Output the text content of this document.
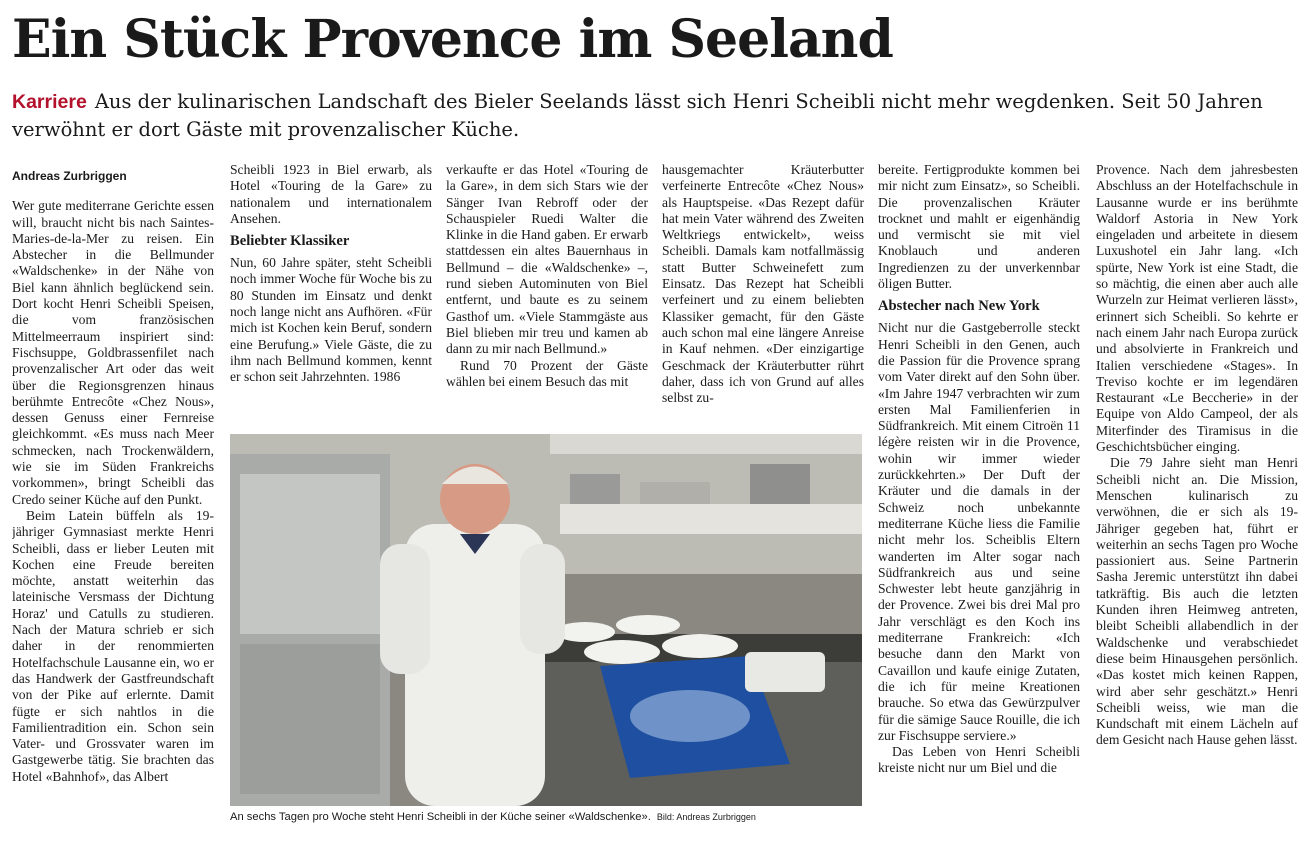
Ein Stück Provence im Seeland

Karriere Aus der kulinarischen Landschaft des Bieler Seelands lässt sich Henri Scheibli nicht mehr wegdenken. Seit 50 Jahren verwöhnt er dort Gäste mit provenzalischer Küche.

Andreas Zurbriggen

Wer gute mediterrane Gerichte essen will, braucht nicht bis nach Saintes-Maries-de-la-Mer zu reisen. Ein Abstecher in die Bellmunder «Waldschenke» in der Nähe von Biel kann ähnlich beglückend sein. Dort kocht Henri Scheibli Speisen, die vom französischen Mittelmeerraum inspiriert sind: Fischsuppe, Goldbrassenfilet nach provenzalischer Art oder das weit über die Regionsgrenzen hinaus berühmte Entrecôte «Chez Nous», dessen Genuss einer Fernreise gleichkommt. «Es muss nach Meer schmecken, nach Trockenwäldern, wie sie im Süden Frankreichs vorkommen», bringt Scheibli das Credo seiner Küche auf den Punkt.

Beim Latein büffeln als 19-jähriger Gymnasiast merkte Henri Scheibli, dass er lieber Leuten mit Kochen eine Freude bereiten möchte, anstatt weiterhin das lateinische Versmass der Dichtung Horaz' und Catulls zu studieren. Nach der Matura schrieb er sich daher in der renommierten Hotelfachschule Lausanne ein, wo er das Handwerk der Gastfreundschaft von der Pike auf erlernte. Damit fügte er sich nahtlos in die Familientradition ein. Schon sein Vater- und Grossvater waren im Gastgewerbe tätig. Sie brachten das Hotel «Bahnhof», das Albert

Scheibli 1923 in Biel erwarb, als Hotel «Touring de la Gare» zu nationalem und internationalem Ansehen.

Beliebter Klassiker

Nun, 60 Jahre später, steht Scheibli noch immer Woche für Woche bis zu 80 Stunden im Einsatz und denkt noch lange nicht ans Aufhören. «Für mich ist Kochen kein Beruf, sondern eine Berufung.» Viele Gäste, die zu ihm nach Bellmund kommen, kennt er schon seit Jahrzehnten. 1986

verkaufte er das Hotel «Touring de la Gare», in dem sich Stars wie der Sänger Ivan Rebroff oder der Schauspieler Ruedi Walter die Klinke in die Hand gaben. Er erwarb stattdessen ein altes Bauernhaus in Bellmund – die «Waldschenke» –, rund sieben Autominuten von Biel entfernt, und baute es zu seinem Gasthof um. «Viele Stammgäste aus Biel blieben mir treu und kamen ab dann zu mir nach Bellmund.»

Rund 70 Prozent der Gäste wählen bei einem Besuch das mit

hausgemachter Kräuterbutter verfeinerte Entrecôte «Chez Nous» als Hauptspeise. «Das Rezept dafür hat mein Vater während des Zweiten Weltkriegs entwickelt», weiss Scheibli. Damals kam notfallmässig statt Butter Schweinefett zum Einsatz. Das Rezept hat Scheibli verfeinert und zu einem beliebten Klassiker gemacht, für den Gäste auch schon mal eine längere Anreise in Kauf nehmen. «Der einzigartige Geschmack der Kräuterbutter rührt daher, dass ich von Grund auf alles selbst zu-

bereite. Fertigprodukte kommen bei mir nicht zum Einsatz», so Scheibli. Die provenzalischen Kräuter trocknet und mahlt er eigenhändig und vermischt sie mit viel Knoblauch und anderen Ingredienzen zu der unverkennbar öligen Butter.

Abstecher nach New York

Nicht nur die Gastgeberrolle steckt Henri Scheibli in den Genen, auch die Passion für die Provence sprang vom Vater direkt auf den Sohn über. «Im Jahre 1947 verbrachten wir zum ersten Mal Familienferien in Südfrankreich. Mit einem Citroën 11 légère reisten wir in die Provence, wohin wir immer wieder zurückkehrten.» Der Duft der Kräuter und die damals in der Schweiz noch unbekannte mediterrane Küche liess die Familie nicht mehr los. Scheiblis Eltern wanderten im Alter sogar nach Südfrankreich aus und seine Schwester lebt heute ganzjährig in der Provence. Zwei bis drei Mal pro Jahr verschlägt es den Koch ins mediterrane Frankreich: «Ich besuche dann den Markt von Cavaillon und kaufe einige Zutaten, die ich für meine Kreationen brauche. So etwa das Gewürzpulver für die sämige Sauce Rouille, die ich zur Fischsuppe serviere.»

Das Leben von Henri Scheibli kreiste nicht nur um Biel und die

Provence. Nach dem jahresbesten Abschluss an der Hotelfachschule in Lausanne wurde er ins berühmte Waldorf Astoria in New York eingeladen und arbeitete in diesem Luxushotel ein Jahr lang. «Ich spürte, New York ist eine Stadt, die so mächtig, die einen aber auch alle Wurzeln zur Heimat verlieren lässt», erinnert sich Scheibli. So kehrte er nach einem Jahr nach Europa zurück und absolvierte in Frankreich und Italien verschiedene «Stages». In Treviso kochte er im legendären Restaurant «Le Beccherie» in der Equipe von Aldo Campeol, der als Miterfinder des Tiramisus in die Geschichtsbücher einging.

Die 79 Jahre sieht man Henri Scheibli nicht an. Die Mission, Menschen kulinarisch zu verwöhnen, die er sich als 19-Jähriger gegeben hat, führt er weiterhin an sechs Tagen pro Woche passioniert aus. Seine Partnerin Sasha Jeremic unterstützt ihn dabei tatkräftig. Bis auch die letzten Kunden ihren Heimweg antreten, bleibt Scheibli allabendlich in der Waldschenke und verabschiedet diese beim Hinausgehen persönlich. «Das kostet mich keinen Rappen, wird aber sehr geschätzt.» Henri Scheibli weiss, wie man die Kundschaft mit einem Lächeln auf dem Gesicht nach Hause gehen lässt.

An sechs Tagen pro Woche steht Henri Scheibli in der Küche seiner «Waldschenke». Bild: Andreas Zurbriggen
